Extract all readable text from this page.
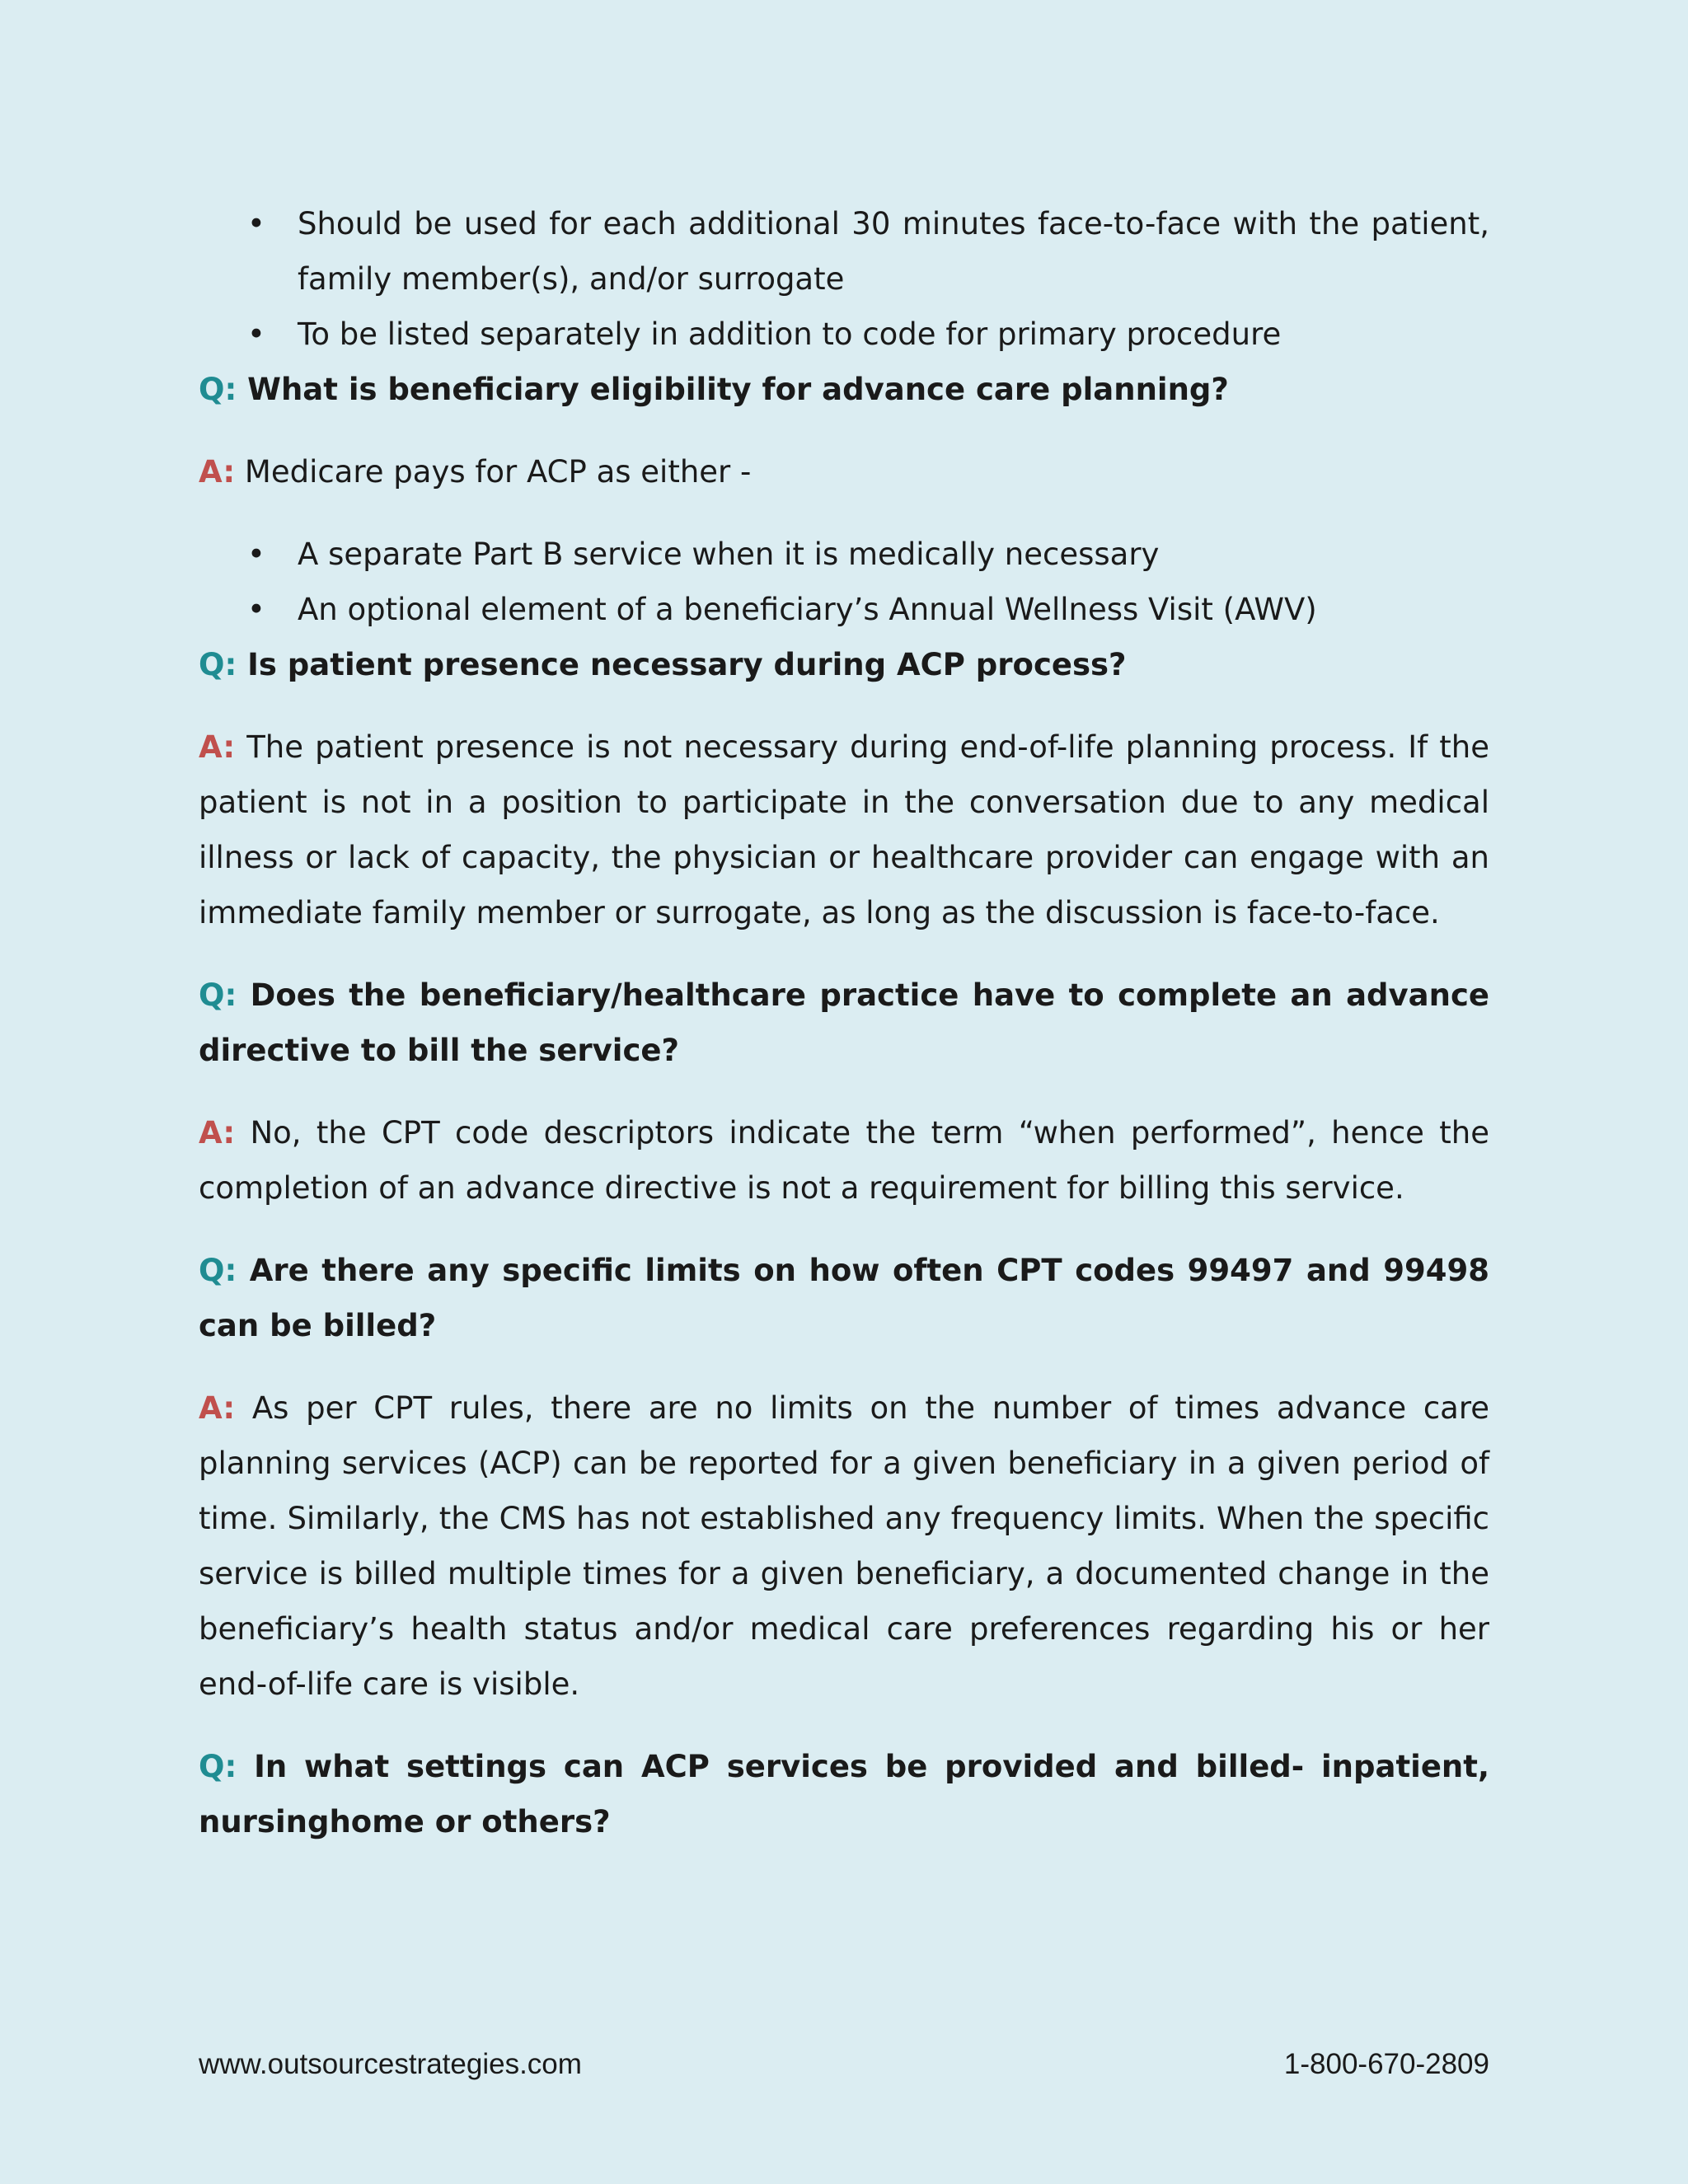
• Should be used for each additional 30 minutes face-to-face with the patient, family member(s), and/or surrogate
• To be listed separately in addition to code for primary procedure

Q: What is beneficiary eligibility for advance care planning?

A: Medicare pays for ACP as either -

• A separate Part B service when it is medically necessary
• An optional element of a beneficiary’s Annual Wellness Visit (AWV)

Q: Is patient presence necessary during ACP process?

A: The patient presence is not necessary during end-of-life planning process. If the patient is not in a position to participate in the conversation due to any medical illness or lack of capacity, the physician or healthcare provider can engage with an immediate family member or surrogate, as long as the discussion is face-to-face.

Q: Does the beneficiary/healthcare practice have to complete an advance directive to bill the service?

A: No, the CPT code descriptors indicate the term “when performed”, hence the completion of an advance directive is not a requirement for billing this service.

Q: Are there any specific limits on how often CPT codes 99497 and 99498 can be billed?

A: As per CPT rules, there are no limits on the number of times advance care planning services (ACP) can be reported for a given beneficiary in a given period of time. Similarly, the CMS has not established any frequency limits. When the specific service is billed multiple times for a given beneficiary, a documented change in the beneficiary’s health status and/or medical care preferences regarding his or her end-of-life care is visible.

Q: In what settings can ACP services be provided and billed- inpatient, nursinghome or others?

www.outsourcestrategies.com	1-800-670-2809
